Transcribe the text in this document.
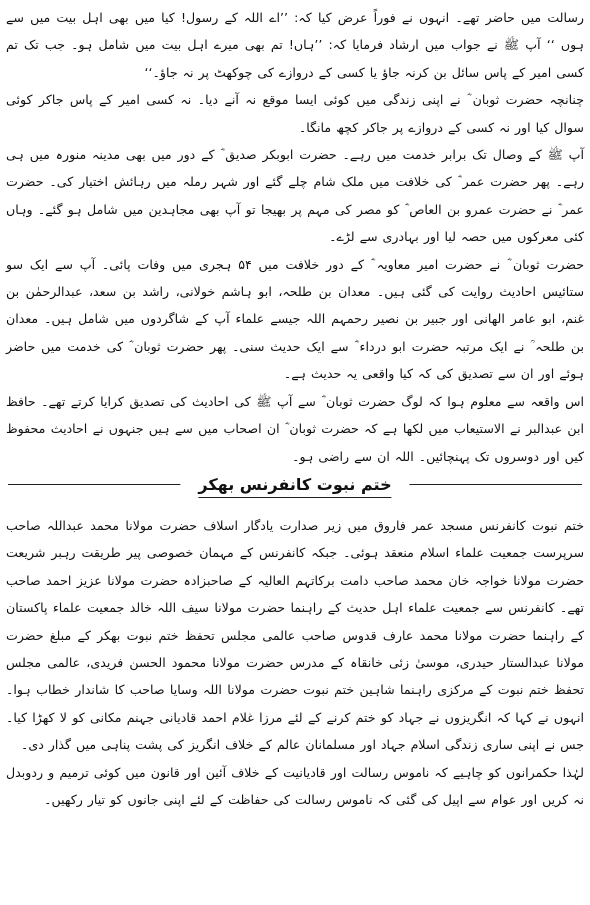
رسالت میں حاضر تھے۔ انہوں نے فوراً عرض کیا کہ: ’’اے اللہ کے رسول! کیا میں بھی اہل بیت میں سے ہوں ‘‘ آپ ﷺ نے جواب میں ارشاد فرمایا کہ: ’’ہاں! تم بھی میرے اہل بیت میں شامل ہو۔ جب تک تم کسی امیر کے پاس سائل بن کرنہ جاؤ یا کسی کے دروازے کی چوکھٹ پر نہ جاؤ۔‘‘

چنانچہ حضرت ثوبان ؓ نے اپنی زندگی میں کوئی ایسا موقع نہ آنے دیا۔ نہ کسی امیر کے پاس جاکر کوئی سوال کیا اور نہ کسی کے دروازے پر جاکر کچھ مانگا۔

آپ ﷺ کے وصال تک برابر خدمت میں رہے۔ حضرت ابوبکر صدیق ؓ کے دور میں بھی مدینہ منورہ میں ہی رہے۔ پھر حضرت عمر ؓ کی خلافت میں ملک شام چلے گئے اور شہر رملہ میں رہائش اختیار کی۔ حضرت عمر ؓ نے حضرت عمرو بن العاص ؓ کو مصر کی مہم پر بھیجا تو آپ بھی مجاہدین میں شامل ہو گئے۔ وہاں کئی معرکوں میں حصہ لیا اور بہادری سے لڑے۔

حضرت ثوبان ؓ نے حضرت امیر معاویہ ؓ کے دور خلافت میں ۵۴ ہجری میں وفات پائی۔ آپ سے ایک سو ستائیس احادیث روایت کی گئی ہیں۔ معدان بن طلحہ، ابو ہاشم خولانی، راشد بن سعد، عبدالرحمٰن بن غنم، ابو عامر الھانی اور جبیر بن نصیر رحمہم اللہ جیسے علماء آپ کے شاگردوں میں شامل ہیں۔ معدان بن طلحہ ؒ نے ایک مرتبہ حضرت ابو درداء ؓ سے ایک حدیث سنی۔ پھر حضرت ثوبان ؓ کی خدمت میں حاضر ہوئے اور ان سے تصدیق کی کہ کیا واقعی یہ حدیث ہے۔

اس واقعہ سے معلوم ہوا کہ لوگ حضرت ثوبان ؓ سے آپ ﷺ کی احادیث کی تصدیق کرایا کرتے تھے۔ حافظ ابن عبدالبر نے الاستیعاب میں لکھا ہے کہ حضرت ثوبان ؓ ان اصحاب میں سے ہیں جنہوں نے احادیث محفوظ کیں اور دوسروں تک پہنچائیں۔ اللہ ان سے راضی ہو۔

ختم نبوت کانفرنس بھکر

ختم نبوت کانفرنس مسجد عمر فاروق میں زیر صدارت یادگار اسلاف حضرت مولانا محمد عبداللہ صاحب سرپرست جمعیت علماء اسلام منعقد ہوئی۔ جبکہ کانفرنس کے مہمان خصوصی پیر طریقت رہبر شریعت حضرت مولانا خواجہ خان محمد صاحب دامت برکاتہم العالیہ کے صاحبزادہ حضرت مولانا عزیز احمد صاحب تھے۔ کانفرنس سے جمعیت علماء اہل حدیث کے راہنما حضرت مولانا سیف اللہ خالد جمعیت علماء پاکستان کے راہنما حضرت مولانا محمد عارف قدوس صاحب عالمی مجلس تحفظ ختم نبوت بھکر کے مبلغ حضرت مولانا عبدالستار حیدری، موسیٰ زئی خانقاہ کے مدرس حضرت مولانا محمود الحسن فریدی، عالمی مجلس تحفظ ختم نبوت کے مرکزی راہنما شاہین ختم نبوت حضرت مولانا اللہ وسایا صاحب کا شاندار خطاب ہوا۔ انہوں نے کہا کہ انگریزوں نے جہاد کو ختم کرنے کے لئے مرزا غلام احمد قادیانی جہنم مکانی کو لا کھڑا کیا۔ جس نے اپنی ساری زندگی اسلام جہاد اور مسلمانان عالم کے خلاف انگریز کی پشت پناہی میں گذار دی۔

لہٰذا حکمرانوں کو چاہیے کہ ناموس رسالت اور قادیانیت کے خلاف آئین اور قانون میں کوئی ترمیم و ردوبدل نہ کریں اور عوام سے اپیل کی گئی کہ ناموس رسالت کی حفاظت کے لئے اپنی جانوں کو تیار رکھیں۔
